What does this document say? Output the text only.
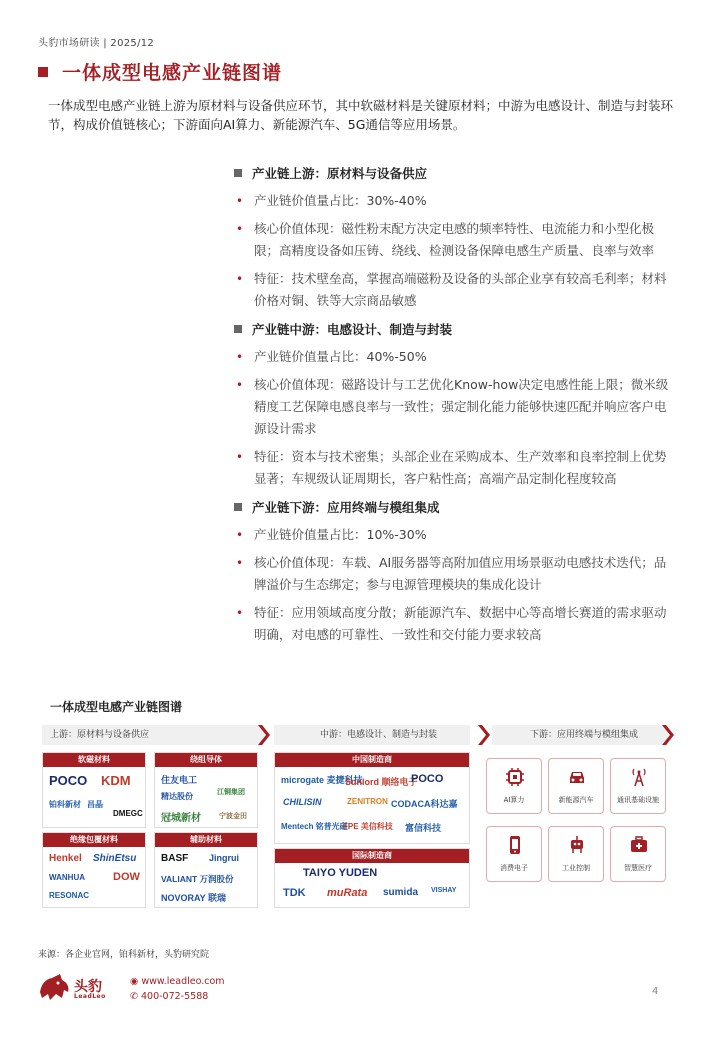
头豹市场研读 | 2025/12
一体成型电感产业链图谱
一体成型电感产业链上游为原材料与设备供应环节，其中软磁材料是关键原材料；中游为电感设计、制造与封装环节，构成价值链核心；下游面向AI算力、新能源汽车、5G通信等应用场景。
产业链上游：原材料与设备供应
• 产业链价值量占比：30%-40%
• 核心价值体现：磁性粉末配方决定电感的频率特性、电流能力和小型化极限；高精度设备如压铸、绕线、检测设备保障电感生产质量、良率与效率
• 特征：技术壁垒高，掌握高端磁粉及设备的头部企业享有较高毛利率；材料价格对铜、铁等大宗商品敏感
产业链中游：电感设计、制造与封装
• 产业链价值量占比：40%-50%
• 核心价值体现：磁路设计与工艺优化Know-how决定电感性能上限；微米级精度工艺保障电感良率与一致性；强定制化能力能够快速匹配并响应客户电源设计需求
• 特征：资本与技术密集；头部企业在采购成本、生产效率和良率控制上优势显著；车规级认证周期长，客户粘性高；高端产品定制化程度较高
产业链下游：应用终端与模组集成
• 产业链价值量占比：10%-30%
• 核心价值体现：车载、AI服务器等高附加值应用场景驱动电感技术迭代；品牌溢价与生态绑定；参与电源管理模块的集成化设计
• 特征：应用领域高度分散；新能源汽车、数据中心等高增长赛道的需求驱动明确，对电感的可靠性、一致性和交付能力要求较高
一体成型电感产业链图谱
上游：原材料与设备供应	中游：电感设计、制造与封装	下游：应用终端与模组集成
软磁材料
POCO KDM
铂科新材 昌晶
DMEGC
绕组导体
住友电工
江铜集团
精达股份
冠城新材	宁波金田
绝缘包覆材料
Henkel ShinEtsu
WANHUA	DOW
RESONAC
辅助材料
BASF Jingrui
VALIANT 万润股份
NOVORAY 联瑞
中国制造商
microgate 麦捷科技
Sunlord 顺络电子
POCO
CHILISIN	ZENITRON CODACA科达嘉
Mentech 铭普光磁
FPE 美信科技 富信科技
国际制造商
TAIYO YUDEN
TDK muRata sumida VISHAY
AI算力	新能源汽车	通讯基础设施
消费电子	工业控制	智慧医疗
来源：各企业官网，铂科新材，头豹研究院
头豹
LeadLeo
◉ www.leadleo.com
✆ 400-072-5588	4
